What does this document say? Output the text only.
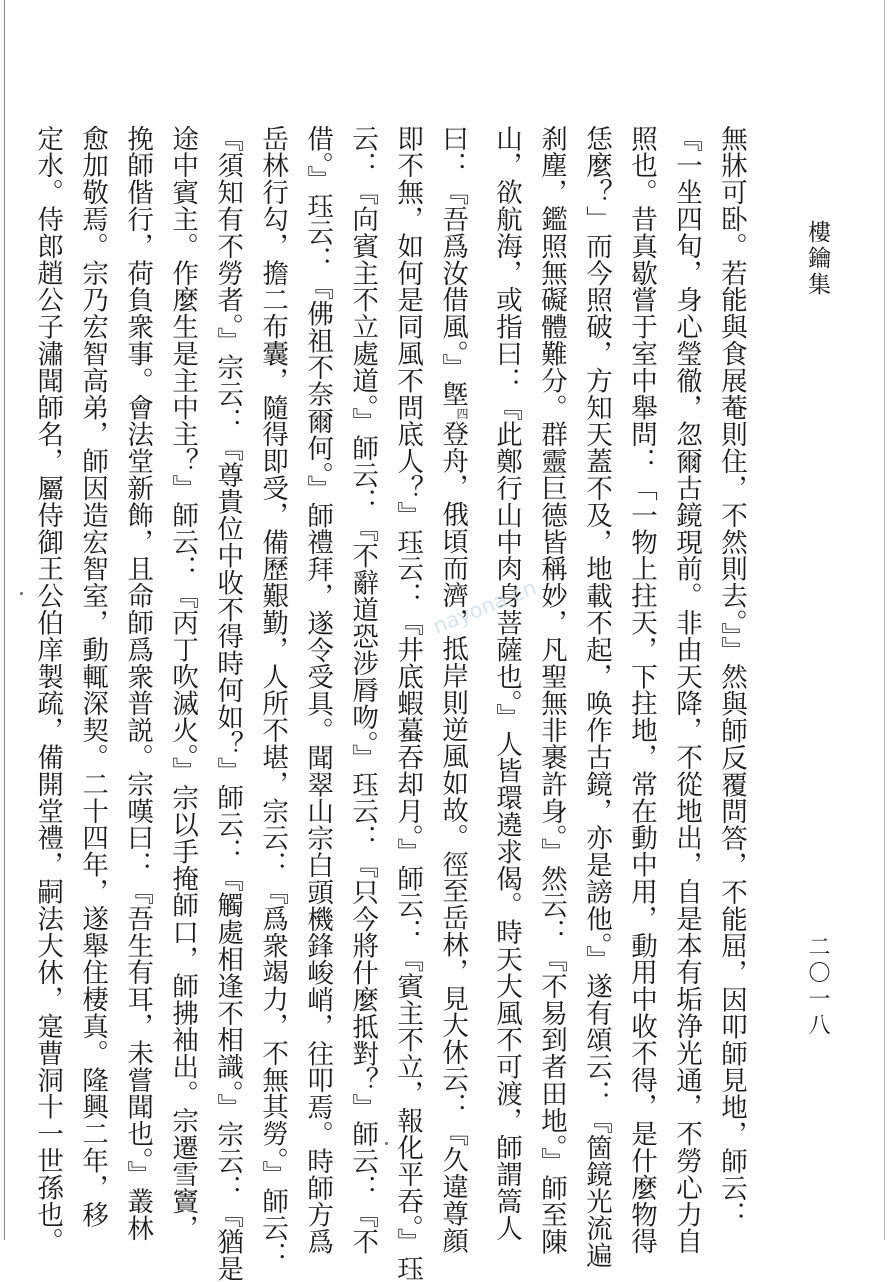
樓鑰集
無牀可卧。若能與食展菴則住，不然則去。』』然與師反覆問答，不能屈，因叩師見地，師云：
『一坐四旬，身心瑩徹，忽爾古鏡現前。非由天降，不從地出，自是本有垢浄光通，不勞心力自
照也。昔真歇嘗于室中舉問：「一物上拄天，下拄地，常在動中用，動用中收不得，是什麼物得
恁麼？」而今照破，方知天蓋不及，地載不起，唤作古鏡，亦是謗他。』遂有頌云：『箇鏡光流遍
刹塵，鑑照無礙體難分。群靈巨德皆稱妙，凡聖無非裹許身。』然云：『不易到者田地。』師至陳
山，欲航海，或指曰：『此鄭行山中肉身菩薩也。』人皆環遶求偈。時天大風不可渡，師謂篙人
曰：『吾爲汝借風。』墍$^四$登舟，俄頃而濟，抵岸則逆風如故。徑至岳林，見大休云：『久違尊顔
即不無，如何是同風不問底人？』珏云：『井底蝦蟇吞却月。』師云：『賓主不立，報化平吞。』珏
云：『向賓主不立處道。』師云：『不辭道恐涉脣吻。』珏云：『只今將什麼抵對？』師云：『不
借。』珏云：『佛祖不奈爾何。』師禮拜，遂令受具。聞翠山宗白頭機鋒峻峭，往叩焉。時師方爲
岳林行勾，擔二布囊，隨得即受，備歷艱勤，人所不堪，宗云：『爲衆竭力，不無其勞。』師云：
『須知有不勞者。』宗云：『尊貴位中收不得時何如？』師云：『觸處相逢不相識。』宗云：『猶是
途中賓主。作麼生是主中主？』師云：『丙丁吹滅火。』宗以手掩師口，師拂袖出。宗遷雪竇，
挽師偕行，荷負衆事。會法堂新飾，且命師爲衆普説。宗嘆曰：『吾生有耳，未嘗聞也。』叢林
愈加敬焉。宗乃宏智高弟，師因造宏智室，動輒深契。二十四年，遂舉住棲真。隆興二年，移
定水。侍郎趙公子潚聞師名，屬侍御王公伯庠製疏，備開堂禮，嗣法大休，寔曹洞十一世孫也。	二〇一八
nayona.cn
